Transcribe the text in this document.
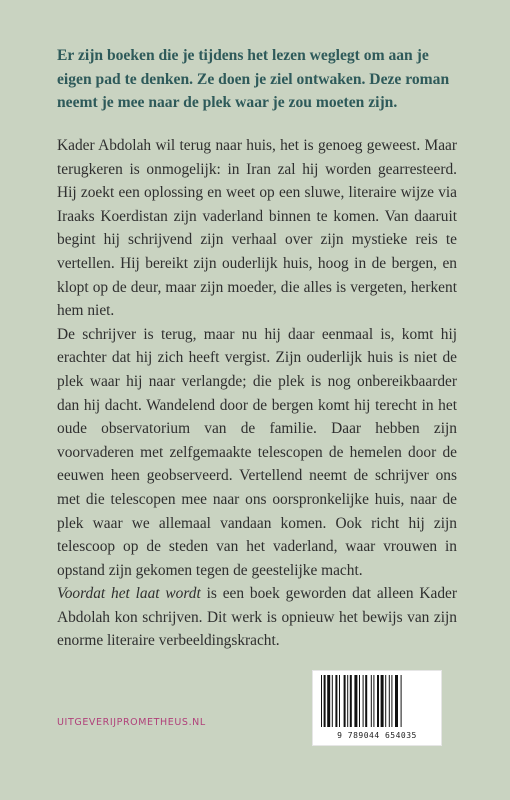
Er zijn boeken die je tijdens het lezen weglegt om aan je eigen pad te denken. Ze doen je ziel ontwaken. Deze roman neemt je mee naar de plek waar je zou moeten zijn.

Kader Abdolah wil terug naar huis, het is genoeg geweest. Maar terugkeren is onmogelijk: in Iran zal hij worden gearresteerd. Hij zoekt een oplossing en weet op een sluwe, literaire wijze via Iraaks Koerdistan zijn vaderland binnen te komen. Van daaruit begint hij schrijvend zijn verhaal over zijn mystieke reis te vertellen. Hij bereikt zijn ouderlijk huis, hoog in de bergen, en klopt op de deur, maar zijn moeder, die alles is vergeten, herkent hem niet.

De schrijver is terug, maar nu hij daar eenmaal is, komt hij erachter dat hij zich heeft vergist. Zijn ouderlijk huis is niet de plek waar hij naar verlangde; die plek is nog onbereikbaarder dan hij dacht. Wandelend door de bergen komt hij terecht in het oude observatorium van de familie. Daar hebben zijn voorvaderen met zelfgemaakte telescopen de hemelen door de eeuwen heen geobserveerd. Vertellend neemt de schrijver ons met die telescopen mee naar ons oorspronkelijke huis, naar de plek waar we allemaal vandaan komen. Ook richt hij zijn telescoop op de steden van het vaderland, waar vrouwen in opstand zijn gekomen tegen de geestelijke macht.

Voordat het laat wordt is een boek geworden dat alleen Kader Abdolah kon schrijven. Dit werk is opnieuw het bewijs van zijn enorme literaire verbeeldingskracht.

9 789044 654035
UITGEVERIJPROMETHEUS.NL
